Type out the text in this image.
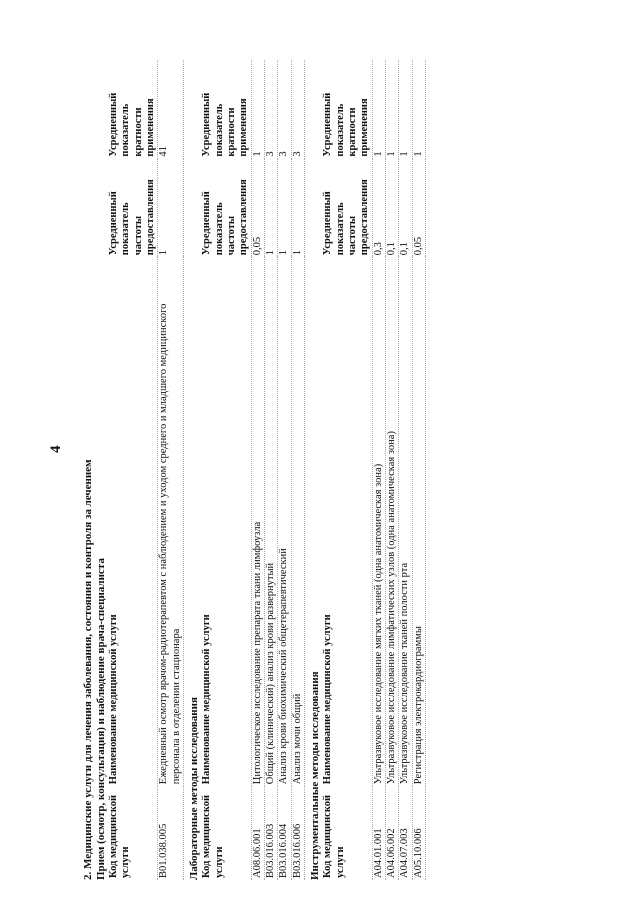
4
2. Медицинские услуги для лечения заболевания, состояния и контроля за лечением Прием (осмотр, консультация) и наблюдение врача-специалиста Код медицинской услуги	Наименование медицинской услуги	Усредненный показатель частоты предоставления	Усредненный показатель кратности применения
B01.038.005	Ежедневный осмотр врачом-радиотерапевтом с наблюдением и уходом среднего и младшего медицинского персонала в отделении стационара	1	41
Лабораторные методы исследования Код медицинской услуги	Наименование медицинской услуги	Усредненный показатель частоты предоставления	Усредненный показатель кратности применения
A08.06.001	Цитологическое исследование препарата ткани лимфоузла	0,05	1
B03.016.003	Общий (клинический) анализ крови развернутый	1	3
B03.016.004	Анализ крови биохимический общетерапевтический	1	3
B03.016.006	Анализ мочи общий	1	3
Инструментальные методы исследования Код медицинской услуги	Наименование медицинской услуги	Усредненный показатель частоты предоставления	Усредненный показатель кратности применения
A04.01.001	Ультразвуковое исследование мягких тканей (одна анатомическая зона)	0,3	1
A04.06.002	Ультразвуковое исследование лимфатических узлов (одна анатомическая зона)	0,1	1
A04.07.003	Ультразвуковое исследование тканей полости рта	0,1	1
A05.10.006	Регистрация электрокардиограммы	0,05	1
